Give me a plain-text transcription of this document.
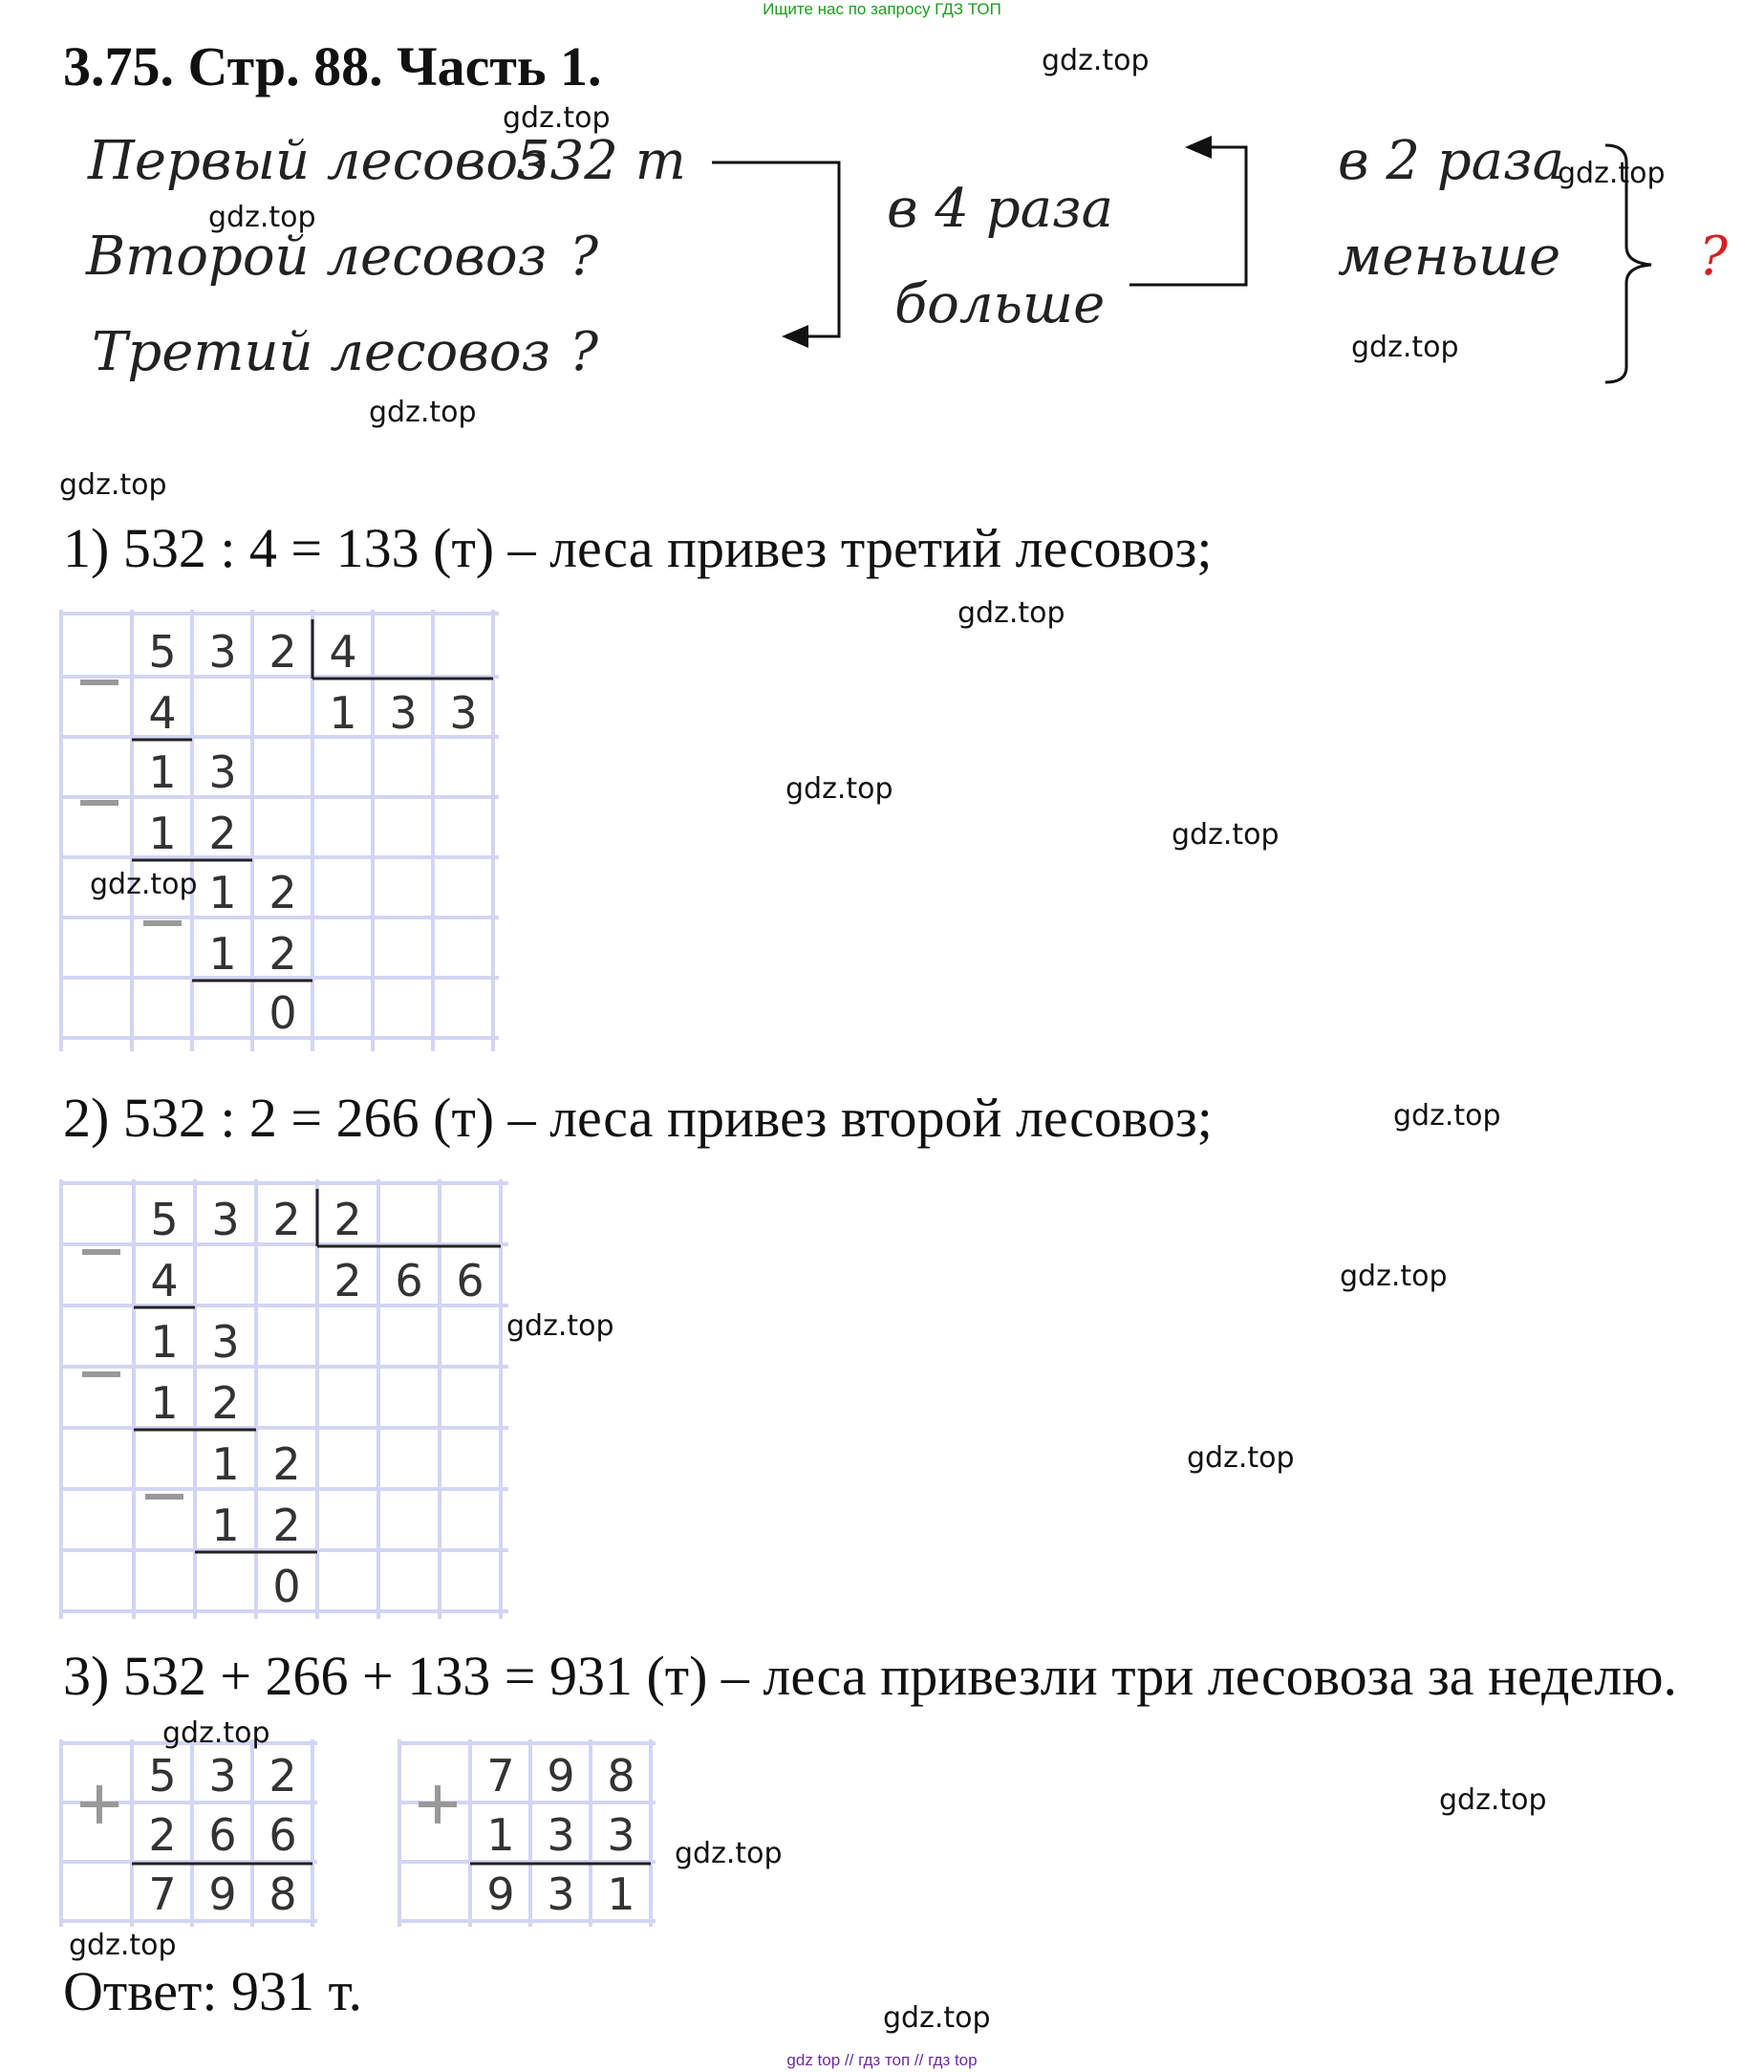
Ищите нас по запросу ГДЗ ТОП
3.75. Стр. 88. Часть 1.
Первый лесовоз
532 т
Второй лесовоз ?
Третий лесовоз ?
в 4 раза
больше
в 2 раза
меньше	?
1) 532 : 4 = 133 (т) – леса привез третий лесовоз;
5 3 2 4
1 3 3
4
1 3
1 2
1 2
1 2
0
2) 532 : 2 = 266 (т) – леса привез второй лесовоз;
5 3 2 2
2 6 6
4
1 3
1 2
1 2
1 2
0
3) 532 + 266 + 133 = 931 (т) – леса привезли три лесовоза за неделю.
5 3 2
2 6 6
7 9 8
7 9 8
1 3 3
9 3 1
Ответ: 931 т.
gdz.top
gdz.top
gdz.top
gdz.top
gdz.top
gdz.top
gdz.top
gdz.top
gdz.top
gdz.top
gdz.top
gdz.top
gdz.top
gdz.top
gdz.top
gdz.top
gdz.top
gdz.top
gdz.top
gdz.top
gdz top // гдз топ // гдз top
